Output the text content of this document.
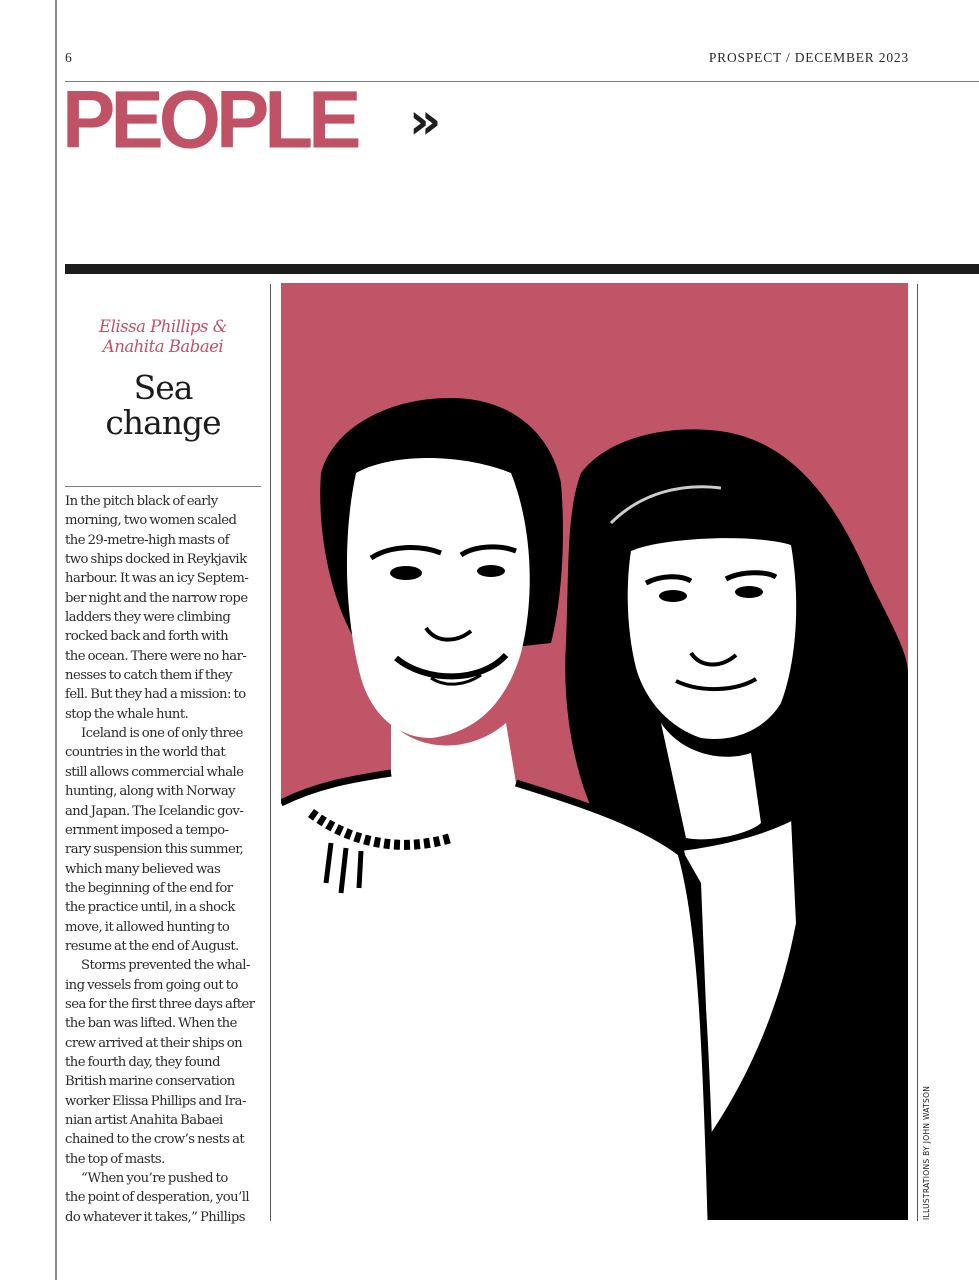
6	PROSPECT / DECEMBER 2023
PEOPLE »
Elissa Phillips &
Anahita Babaei
Sea
change
In the pitch black of early
morning, two women scaled
the 29-metre-high masts of
two ships docked in Reykjavik
harbour. It was an icy Septem-
ber night and the narrow rope
ladders they were climbing
rocked back and forth with
the ocean. There were no har-
nesses to catch them if they
fell. But they had a mission: to
stop the whale hunt.
Iceland is one of only three
countries in the world that
still allows commercial whale
hunting, along with Norway
and Japan. The Icelandic gov-
ernment imposed a tempo-
rary suspension this summer,
which many believed was
the beginning of the end for
the practice until, in a shock
move, it allowed hunting to
resume at the end of August.
Storms prevented the whal-
ing vessels from going out to
sea for the first three days after
the ban was lifted. When the
crew arrived at their ships on
the fourth day, they found
British marine conservation
worker Elissa Phillips and Ira-
nian artist Anahita Babaei
chained to the crow’s nests at
the top of masts.
“When you’re pushed to
the point of desperation, you’ll
do whatever it takes,” Phillips	ILLUSTRATIONS BY JOHN WATSON
